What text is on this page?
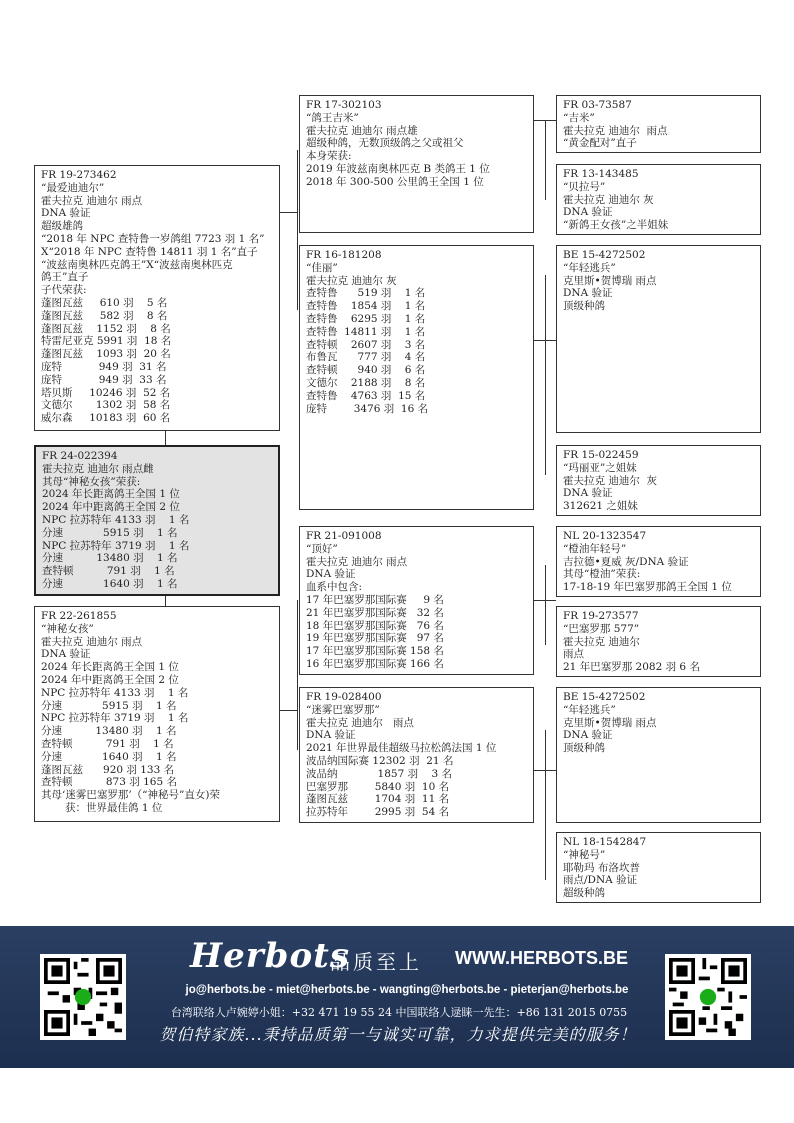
FR 17-302103
“鸽王吉米”
霍夫拉克 迪迪尔 雨点雄
超级种鸽，无数顶级鸽之父或祖父
本身荣获:
2019 年波兹南奥林匹克 B 类鸽王 1 位
2018 年 300-500 公里鸽王全国 1 位
FR 03-73587
“吉米”
霍夫拉克 迪迪尔  雨点
“黄金配对”直子
FR 13-143485
“贝拉号”
霍夫拉克 迪迪尔 灰
DNA 验证
“新鸽王女孩”之半姐妹
FR 19-273462
“最爱迪迪尔”
霍夫拉克 迪迪尔 雨点
DNA 验证
超级雄鸽
“2018 年 NPC 查特鲁一岁鸽组 7723 羽 1 名”
X“2018 年 NPC 查特鲁 14811 羽 1 名”直子
“波兹南奥林匹克鸽王”X“波兹南奥林匹克
鸽王”直子
子代荣获:
蓬图瓦兹     610 羽    5 名
蓬图瓦兹     582 羽    8 名
蓬图瓦兹    1152 羽    8 名
特雷尼亚克 5991 羽  18 名
蓬图瓦兹    1093 羽  20 名
庞特           949 羽  31 名
庞特           949 羽  33 名
塔贝斯     10246 羽  52 名
文德尔       1302 羽  58 名
威尔森     10183 羽  60 名
FR 16-181208
“佳丽”
霍夫拉克 迪迪尔 灰
查特鲁      519 羽    1 名
查特鲁    1854 羽    1 名
查特鲁    6295 羽    1 名
查特鲁  14811 羽    1 名
查特顿    2607 羽    3 名
布鲁瓦      777 羽    4 名
查特顿      940 羽    6 名
文德尔    2188 羽    8 名
查特鲁    4763 羽  15 名
庞特        3476 羽  16 名
BE 15-4272502
“年轻逃兵”
克里斯•贺博瑞 雨点
DNA 验证
顶级种鸽
FR 15-022459
“玛丽亚”之姐妹
霍夫拉克 迪迪尔  灰
DNA 验证
312621 之姐妹
FR 24-022394
霍夫拉克 迪迪尔 雨点雌
其母“神秘女孩”荣获:
2024 年长距离鸽王全国 1 位
2024 年中距离鸽王全国 2 位
NPC 拉苏特年 4133 羽    1 名
分速            5915 羽    1 名
NPC 拉苏特年 3719 羽    1 名
分速          13480 羽    1 名
查特顿          791 羽    1 名
分速            1640 羽    1 名
FR 21-091008
“顶好”
霍夫拉克 迪迪尔 雨点
DNA 验证
血系中包含:
17 年巴塞罗那国际赛     9 名
21 年巴塞罗那国际赛   32 名
18 年巴塞罗那国际赛   76 名
19 年巴塞罗那国际赛   97 名
17 年巴塞罗那国际赛 158 名
16 年巴塞罗那国际赛 166 名
NL 20-1323547
“橙油年轻号”
吉拉德•夏威 灰/DNA 验证
其母“橙油”荣获:
17-18-19 年巴塞罗那鸽王全国 1 位
FR 19-273577
“巴塞罗那 577”
霍夫拉克 迪迪尔
雨点
21 年巴塞罗那 2082 羽 6 名
FR 22-261855
“神秘女孩”
霍夫拉克 迪迪尔 雨点
DNA 验证
2024 年长距离鸽王全国 1 位
2024 年中距离鸽王全国 2 位
NPC 拉苏特年 4133 羽    1 名
分速            5915 羽    1 名
NPC 拉苏特年 3719 羽    1 名
分速          13480 羽    1 名
查特顿          791 羽    1 名
分速            1640 羽    1 名
蓬图瓦兹      920 羽 133 名
查特顿          873 羽 165 名
其母‘迷雾巴塞罗那’（“神秘号”直女)荣
获：世界最佳鸽 1 位
FR 19-028400
“迷雾巴塞罗那”
霍夫拉克 迪迪尔   雨点
DNA 验证
2021 年世界最佳超级马拉松鸽法国 1 位
波品纳国际赛 12302 羽  21 名
波品纳            1857 羽    3 名
巴塞罗那        5840 羽  10 名
蓬图瓦兹        1704 羽  11 名
拉苏特年        2995 羽  54 名
BE 15-4272502
“年轻逃兵”
克里斯•贺博瑞 雨点
DNA 验证
顶级种鸽
NL 18-1542847
“神秘号”
耶勒玛 布洛坎普
雨点/DNA 验证
超级种鸽
Herbots
品质至上 WWW.HERBOTS.BE
jo@herbots.be - miet@herbots.be - wangting@herbots.be - pieterjan@herbots.be
台湾联络人卢婉婷小姐：+32 471 19 55 24 中国联络人逯睐一先生：+86 131 2015 0755
贺伯特家族...秉持品质第一与诚实可靠，力求提供完美的服务！
